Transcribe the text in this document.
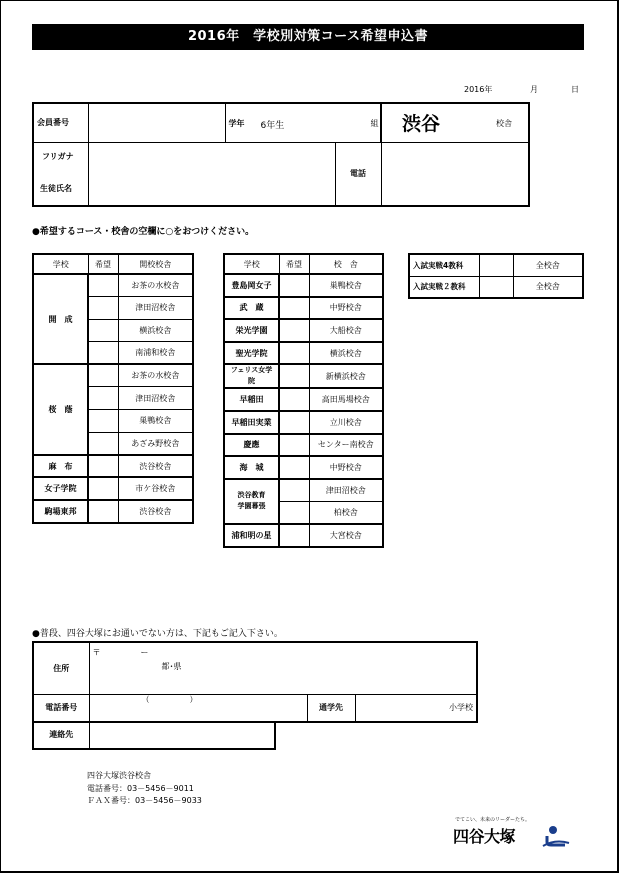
2016年　学校別対策コース希望申込書
2016年	月	日
会員番号		学年 6年生 組		渋谷 校舎

フリガナ
生徒氏名			電話	
●希望するコース・校舎の空欄に○をおつけください。
学校	希望	開校校舎
開　成		お茶の水校舎
		津田沼校舎
		横浜校舎
		南浦和校舎
桜　蔭		お茶の水校舎
		津田沼校舎
		巣鴨校舎
		あざみ野校舎
麻　布		渋谷校舎
女子学院		市ケ谷校舎
駒場東邦		渋谷校舎
学校	希望	校　舎
豊島岡女子		巣鴨校舎
武　蔵		中野校舎
栄光学園		大船校舎
聖光学院		横浜校舎
フェリス女学院		新横浜校舎
早稲田		高田馬場校舎
早稲田実業		立川校舎
慶應		センター南校舎
海　城		中野校舎
渋谷教育
学園幕張		津田沼校舎
		柏校舎
浦和明の星		大宮校舎
入試実戦4教科		全校舎
入試実戦２教科		全校舎
●普段、四谷大塚にお通いでない方は、下記もご記入下さい。
住所	〒　　　　　ー
都･県		

電話番号	（　　　　　）	通学先	小学校
連絡先	
四谷大塚渋谷校舎
電話番号：03－5456－9011
ＦＡＸ番号：03－5456－9033
でてこい、未来のリーダーたち。
四谷大塚
